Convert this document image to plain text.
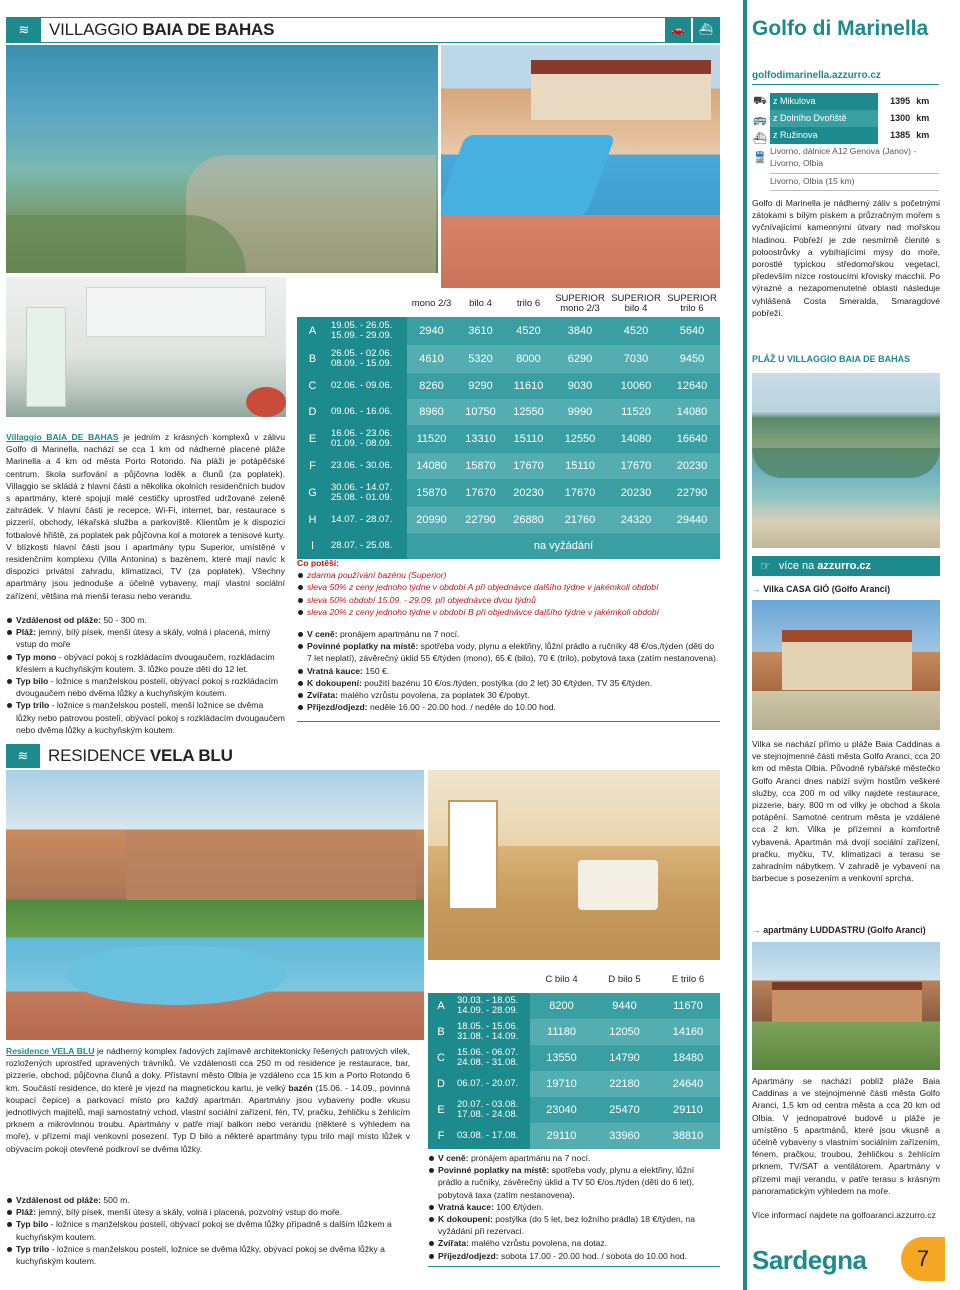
≋	VILLAGGIO BAIA DE BAHAS	🚗	⛴
Villaggio BAIA DE BAHAS je jedním z krásných komplexů v zálivu Golfo di Marinella, nachází se cca 1 km od nádherné placené pláže Marinella a 4 km od města Porto Rotondo. Na pláži je potápěčské centrum, škola surfování a půjčovna loděk a člunů (za poplatek). Villaggio se skládá z hlavní části a několika okolních residenčních budov s apartmány, které spojují malé cestičky uprostřed udržované zeleně zahrádek. V hlavní části je recepce, Wi-Fi, internet, bar, restaurace s pizzerií, obchody, lékařská služba a parkoviště. Klientům je k dispozici fotbalové hřiště, za poplatek pak půjčovna kol a motorek a tenisové kurty. V blízkosti hlavní části jsou i apartmány typu Superior, umístěné v residenčním komplexu (Villa Antonina) s bazénem, které mají navíc k dispozici privátní zahradu, klimatizaci, TV (za poplatek). Všechny apartmány jsou jednoduše a účelně vybaveny, mají vlastní sociální zařízení, většina má menší terasu nebo verandu.
Vzdálenost od pláže: 50 - 300 m.
Pláž: jemný, bílý písek, menší útesy a skály, volná i placená, mírný vstup do moře
Typ mono - obývací pokoj s rozkládacím dvougaučem, rozkládacím křeslem a kuchyňským koutem. 3. lůžko pouze dětí do 12 let.
Typ bilo - ložnice s manželskou postelí, obývací pokoj s rozkládacím dvougaučem nebo dvěma lůžky a kuchyňským koutem.
Typ trilo - ložnice s manželskou postelí, menší ložnice se dvěma lůžky nebo patrovou postelí, obývací pokoj s rozkládacím dvougaučem nebo dvěma lůžky a kuchyňským koutem.
		mono 2/3	bilo 4	trilo 6	SUPERIOR mono 2/3	SUPERIOR bilo 4	SUPERIOR trilo 6
A	19.05. - 26.05.
15.09. - 29.09.	2940	3610	4520	3840	4520	5640
B	26.05. - 02.06.
08.09. - 15.09.	4610	5320	8000	6290	7030	9450
C	02.06. - 09.06.	8260	9290	11610	9030	10060	12640
D	09.06. - 16.06.	8960	10750	12550	9990	11520	14080
E	16.06. - 23.06.
01.09. - 08.09.	11520	13310	15110	12550	14080	16640
F	23.06. - 30.06.	14080	15870	17670	15110	17670	20230
G	30.06. - 14.07.
25.08. - 01.09.	15870	17670	20230	17670	20230	22790
H	14.07. - 28.07.	20990	22790	26880	21760	24320	29440
I	28.07. - 25.08.	na vyžádání					
Co potěší:
zdarma používání bazénu (Superior)
sleva 50% z ceny jednoho týdne v období A při objednávce dalšího týdne v jakémkoli období
sleva 50% období 15.09. - 29.09. při objednávce dvou týdnů
sleva 20% z ceny jednoho týdne v období B při objednávce dalšího týdne v jakémkoli období
V ceně: pronájem apartmánu na 7 nocí.
Povinné poplatky na místě: spotřeba vody, plynu a elektřiny, lůžní prádlo a ručníky 48 €/os./týden (děti do 7 let neplatí), závěrečný úklid 55 €/týden (mono), 65 € (bilo), 70 € (trilo), pobytová taxa (zatím nestanovena).
Vratná kauce: 150 €.
K dokoupení: použití bazénu 10 €/os./týden, postýlka (do 2 let) 30 €/týden, TV 35 €/týden.
Zvířata: malého vzrůstu povolena, za poplatek 30 €/pobyt.
Příjezd/odjezd: neděle 16.00 - 20.00 hod. / neděle do 10.00 hod.
≋	RESIDENCE VELA BLU
		C bilo 4	D bilo 5	E trilo 6
A	30.03. - 18.05.
14.09. - 28.09.	8200	9440	11670
B	18.05. - 15.06.
31.08. - 14.09.	11180	12050	14160
C	15.06. - 06.07.
24.08. - 31.08.	13550	14790	18480
D	06.07. - 20.07.	19710	22180	24640
E	20.07. - 03.08.
17.08. - 24.08.	23040	25470	29110
F	03.08. - 17.08.	29110	33960	38810
Residence VELA BLU je nádherný komplex řadových zajímavě architektonicky řešených patrových vilek, rozložených uprostřed upravených trávníků. Ve vzdálenosti cca 250 m od residence je restaurace, bar, pizzerie, obchod, půjčovna člunů a doky. Přístavní město Olbia je vzdáleno cca 15 km a Porto Rotondo 6 km. Součástí residence, do které je vjezd na magnetickou kartu, je velký bazén (15.06. - 14.09., povinná koupací čepice) a parkovací místo pro každý apartmán. Apartmány jsou vybaveny podle vkusu jednotlivých majitelů, mají samostatný vchod, vlastní sociální zařízení, fén, TV, pračku, žehličku s žehlicím prknem a mikrovlnnou troubu. Apartmány v patře mají balkon nebo verandu (některé s výhledem na moře), v přízemí mají venkovní posezení. Typ D bilo a některé apartmány typu trilo mají místo lůžek v obývacím pokoji otevřené podkroví se dvěma lůžky.
Vzdálenost od pláže: 500 m.
Pláž: jemný, bílý písek, menší útesy a skály, volná i placená, pozvolný vstup do moře.
Typ bilo - ložnice s manželskou postelí, obývací pokoj se dvěma lůžky případně s dalším lůžkem a kuchyňským koutem.
Typ trilo - ložnice s manželskou postelí, ložnice se dvěma lůžky, obývací pokoj se dvěma lůžky a kuchyňským koutem.
V ceně: pronájem apartmánu na 7 nocí.
Povinné poplatky na místě: spotřeba vody, plynu a elektřiny, lůžní prádlo a ručníky, závěrečný úklid a TV 50 €/os./týden (děti do 6 let), pobytová taxa (zatím nestanovena).
Vratná kauce: 100 €/týden.
K dokoupení: postýlka (do 5 let, bez ložního prádla) 18 €/týden, na vyžádání při rezervaci.
Zvířata: malého vzrůstu povolena, na dotaz.
Příjezd/odjezd: sobota 17.00 - 20.00 hod. / sobota do 10.00 hod.
Golfo di Marinella
golfodimarinella.azzurro.cz
⛟
🚌
⛴
🚆
z Mikulova	1395	km
z Dolního Dvořiště	1300	km
z Ružinova	1385	km
Livorno, dálnice A12 Genova (Janov) - Livorno, Olbia
Livorno, Olbia (15 km)
Golfo di Marinella je nádherný záliv s početnými zátokami s bílým pískem a průzračným mořem s vyčnívajícími kamennými útvary nad mořskou hladinou. Pobřeží je zde nesmírně členité s poloostrůvky a vybíhajícími mysy do moře, porostlé typickou středomořskou vegetací, především nízce rostoucími křovisky macchii. Po výrazné a nezapomenutelné oblasti následuje vyhlášená Costa Smeralda, Smaragdové pobřeží.
PLÁŽ U VILLAGGIO BAIA DE BAHAS
☞ více na azzurro.cz
→ Vilka CASA GIÓ (Golfo Aranci)
Vilka se nachází přímo u pláže Baia Caddinas a ve stejnojmenné části města Golfo Aranci, cca 20 km od města Olbia. Původně rybářské městečko Golfo Aranci dnes nabízí svým hostům veškeré služby, cca 200 m od vilky najdete restaurace, pizzerie, bary. 800 m od vilky je obchod a škola potápění. Samotné centrum města je vzdálené cca 2 km. Vilka je přízemní a komfortně vybavená. Apartmán má dvojí sociální zařízení, pračku, myčku, TV, klimatizaci a terasu se zahradním nábytkem. V zahradě je vybavení na barbecue s posezením a venkovní sprcha.
→ apartmány LUDDASTRU (Golfo Aranci)
Apartmány se nachází poblíž pláže Baia Caddinas a ve stejnojmenné části města Golfo Aranci, 1,5 km od centra města a cca 20 km od Olbia. V jednopatrové budově u pláže je umístěno 5 apartmánů, které jsou vkusně a účelně vybaveny s vlastním sociálním zařízením, fénem, pračkou, troubou, žehličkou s žehlícím prknem, TV/SAT a ventilátorem. Apartmány v přízemí mají verandu, v patře terasu s krásným panoramatickým výhledem na moře.
Více informací najdete na golfoaranci.azzurro.cz
Sardegna	7
